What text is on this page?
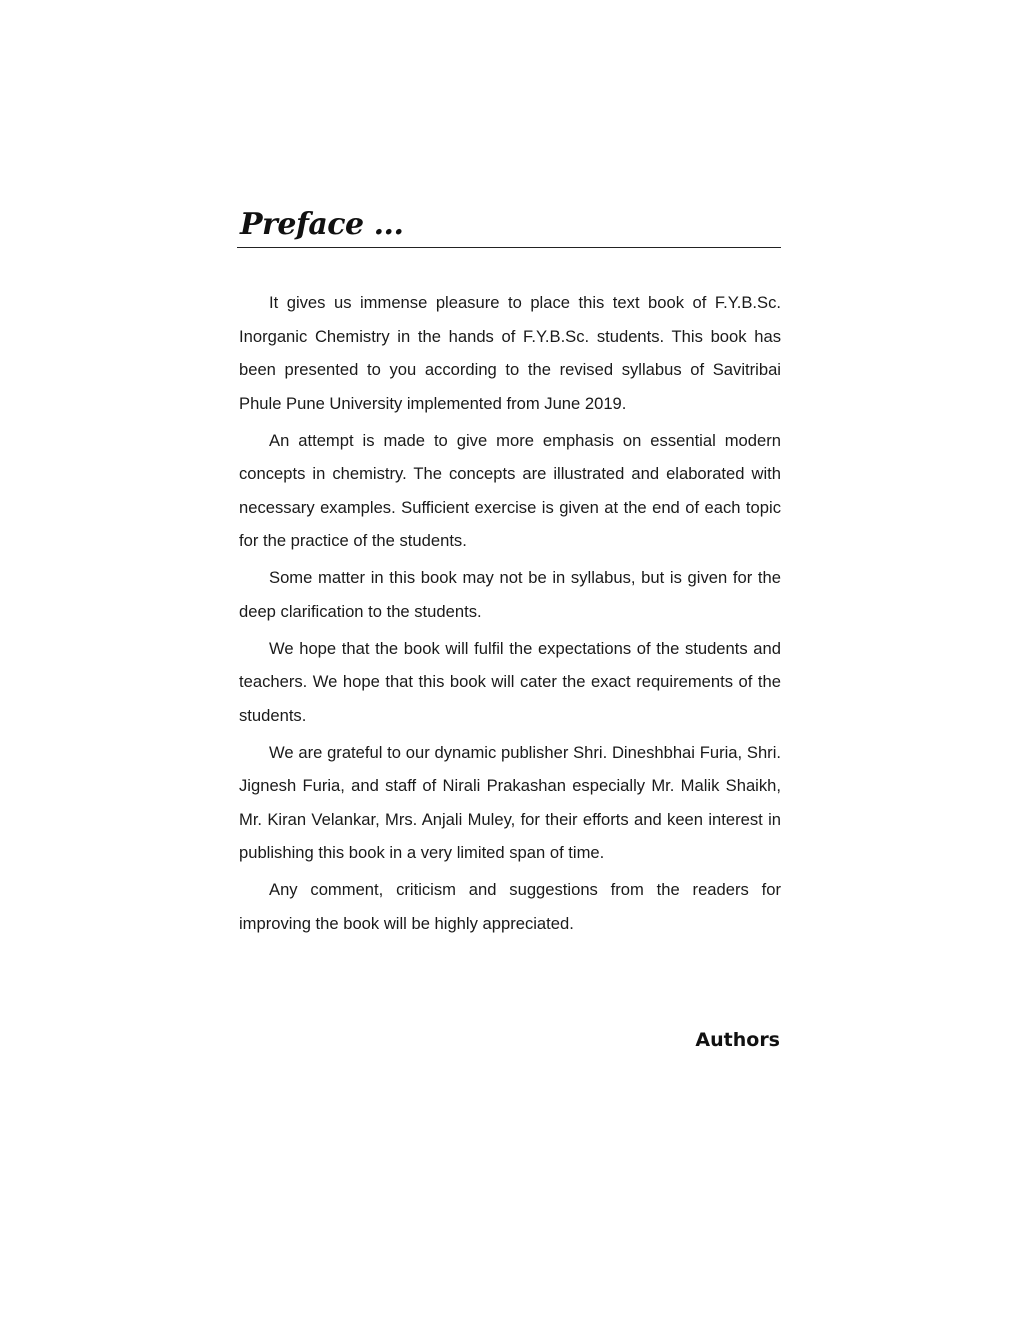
Preface ...

It gives us immense pleasure to place this text book of F.Y.B.Sc. Inorganic Chemistry in the hands of F.Y.B.Sc. students. This book has been presented to you according to the revised syllabus of Savitribai Phule Pune University implemented from June 2019.

An attempt is made to give more emphasis on essential modern concepts in chemistry. The concepts are illustrated and elaborated with necessary examples. Sufficient exercise is given at the end of each topic for the practice of the students.

Some matter in this book may not be in syllabus, but is given for the deep clarification to the students.

We hope that the book will fulfil the expectations of the students and teachers. We hope that this book will cater the exact requirements of the students.

We are grateful to our dynamic publisher Shri. Dineshbhai Furia, Shri. Jignesh Furia, and staff of Nirali Prakashan especially Mr. Malik Shaikh, Mr. Kiran Velankar, Mrs. Anjali Muley, for their efforts and keen interest in publishing this book in a very limited span of time.

Any comment, criticism and suggestions from the readers for improving the book will be highly appreciated.

Authors
